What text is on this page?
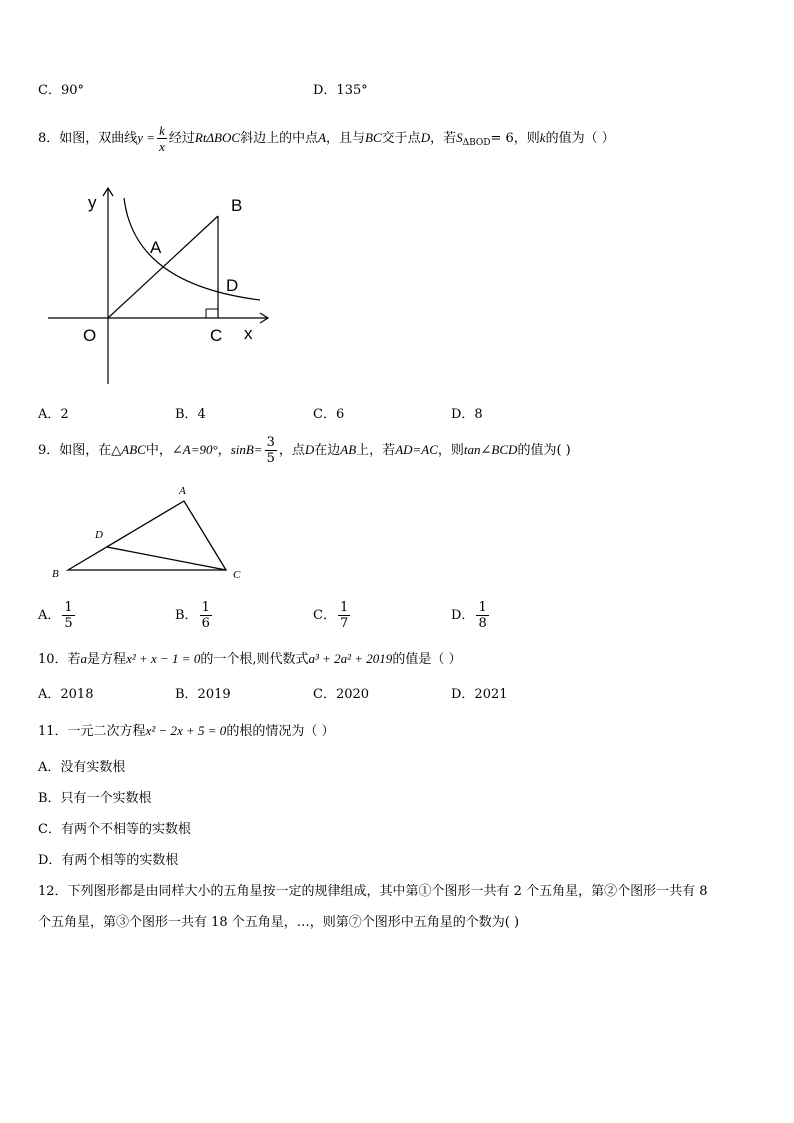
C．90°	D．135°
8．如图，双曲线$y = \frac{k}{x}$ 经过RtΔBOC斜边上的中点A，且与BC交于点D，若$S_{\Delta BOD}= 6$，则k的值为（ ）
y	B
A
D
O	C x
A．2	B．4	C．6	D．8
9．如图，在△ABC中，∠A=90°，$\sin B= \frac{3}{5}$ ，点D在边AB上，若AD=AC，则tan∠BCD的值为( )
A
B	C
D
A． $\frac{1}{5}$	B． $\frac{1}{6}$	C． $\frac{1}{7}$	D． $\frac{1}{8}$
10．若a是方程x² + x − 1 = 0的一个根,则代数式a³ + 2a² + 2019的值是（ ）
A．2018	B．2019	C．2020	D．2021
11．一元二次方程x² − 2x + 5 = 0的根的情况为（ ）
A．没有实数根
B．只有一个实数根
C．有两个不相等的实数根
D．有两个相等的实数根
12．下列图形都是由同样大小的五角星按一定的规律组成，其中第①个图形一共有 2 个五角星，第②个图形一共有 8
个五角星，第③个图形一共有 18 个五角星，…，则第⑦个图形中五角星的个数为( )
